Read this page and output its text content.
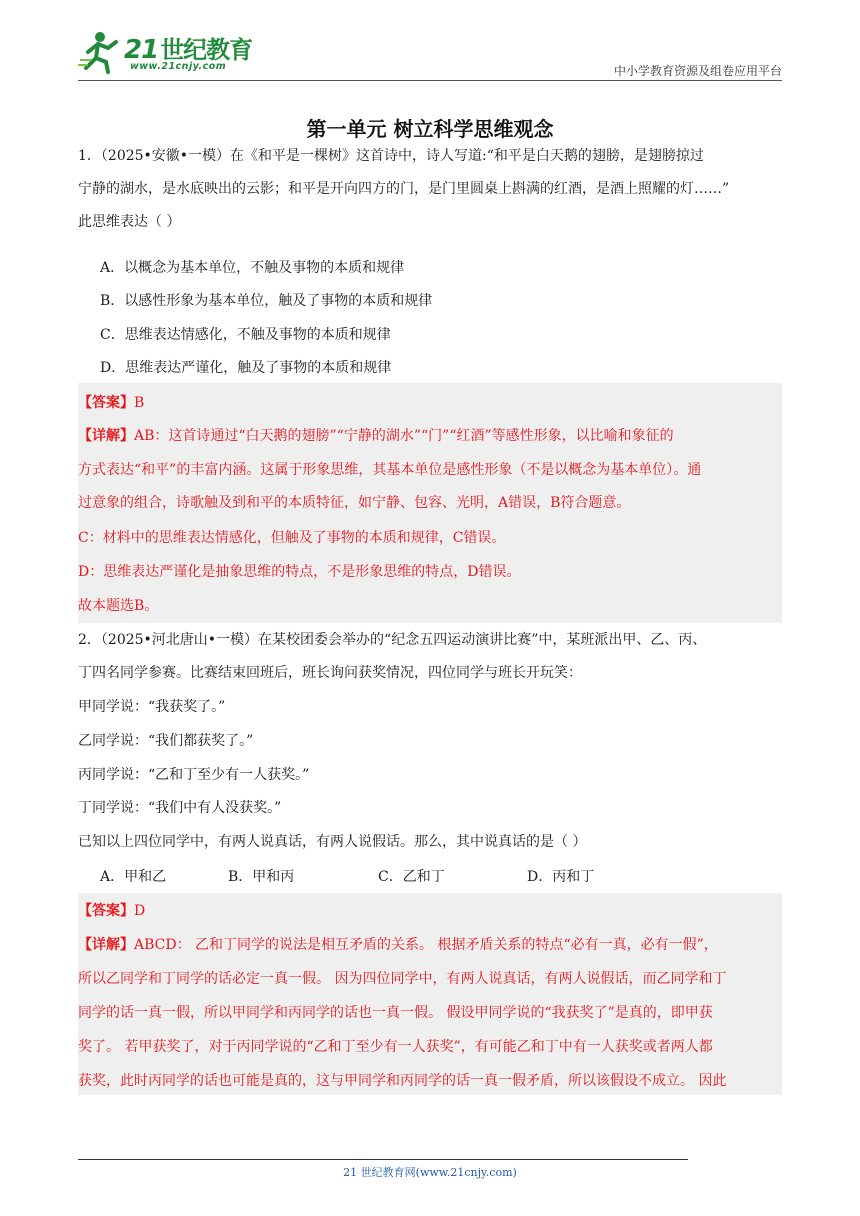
21世纪教育
www.21cnjy.com	中小学教育资源及组卷应用平台
第一单元 树立科学思维观念
1．（2025•安徽•一模）在《和平是一棵树》这首诗中，诗人写道:“和平是白天鹅的翅膀，是翅膀掠过
宁静的湖水，是水底映出的云影；和平是开向四方的门，是门里圆桌上斟满的红酒，是酒上照耀的灯……”
此思维表达（ ）
A．以概念为基本单位，不触及事物的本质和规律
B．以感性形象为基本单位，触及了事物的本质和规律
C．思维表达情感化，不触及事物的本质和规律
D．思维表达严谨化，触及了事物的本质和规律
【答案】B
【详解】AB：这首诗通过“白天鹅的翅膀”“宁静的湖水”“门”“红酒”等感性形象，以比喻和象征的
方式表达“和平”的丰富内涵。这属于形象思维，其基本单位是感性形象（不是以概念为基本单位）。通
过意象的组合，诗歌触及到和平的本质特征，如宁静、包容、光明，A错误，B符合题意。
C：材料中的思维表达情感化，但触及了事物的本质和规律，C错误。
D：思维表达严谨化是抽象思维的特点，不是形象思维的特点，D错误。
故本题选B。
2．（2025•河北唐山•一模）在某校团委会举办的“纪念五四运动演讲比赛”中，某班派出甲、乙、丙、
丁四名同学参赛。比赛结束回班后，班长询问获奖情况，四位同学与班长开玩笑：
甲同学说：“我获奖了。”
乙同学说：“我们都获奖了。”
丙同学说：“乙和丁至少有一人获奖。”
丁同学说：“我们中有人没获奖。”
已知以上四位同学中，有两人说真话，有两人说假话。那么，其中说真话的是（ ）
A．甲和乙	B．甲和丙	C．乙和丁	D．丙和丁
【答案】D
【详解】ABCD： 乙和丁同学的说法是相互矛盾的关系。 根据矛盾关系的特点“必有一真，必有一假”，
所以乙同学和丁同学的话必定一真一假。 因为四位同学中，有两人说真话，有两人说假话，而乙同学和丁
同学的话一真一假，所以甲同学和丙同学的话也一真一假。 假设甲同学说的“我获奖了”是真的，即甲获
奖了。 若甲获奖了，对于丙同学说的“乙和丁至少有一人获奖”，有可能乙和丁中有一人获奖或者两人都
获奖，此时丙同学的话也可能是真的，这与甲同学和丙同学的话一真一假矛盾，所以该假设不成立。 因此
21 世纪教育网(www.21cnjy.com)
